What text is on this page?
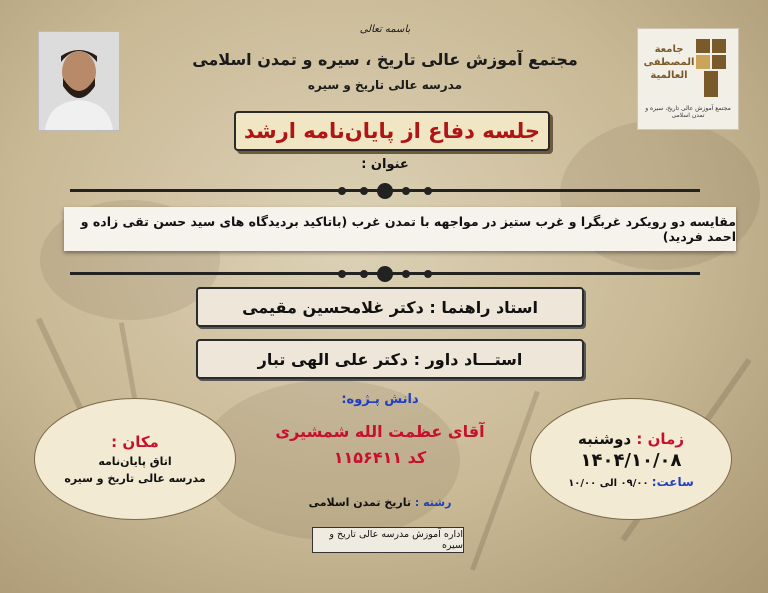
جامعة
المصطفی
العالمیة
مجتمع آموزش عالی تاریخ، سیره و تمدن اسلامی
باسمه تعالی
مجتمع آموزش عالی تاریخ ، سیره و تمدن اسلامی
مدرسه عالی تاریخ و سیره
جلسه دفاع از پایان‌نامه ارشد
عنوان :
مقایسه دو رویکرد غربگرا و غرب ستیز در مواجهه با تمدن غرب (باتاکید بردیدگاه های سید حسن تقی زاده و احمد فردید)
استاد راهنما :

دکتر غلامحسین مقیمی
استـــاد داور :

دکتر علی الهی تبار
مکان :
اتاق پایان‌نامه
مدرسه عالی تاریخ و سیره
زمان : دوشنبه
۱۴۰۴/۱۰/۰۸
ساعت: ۰۹/۰۰ الی ۱۰/۰۰
دانش پـژوه:
آقای عظمت الله شمشیری
کد ۱۱۵۶۴۱۱
رشته : تاریخ تمدن اسلامی
اداره آموزش مدرسه عالی تاریخ و سیره
